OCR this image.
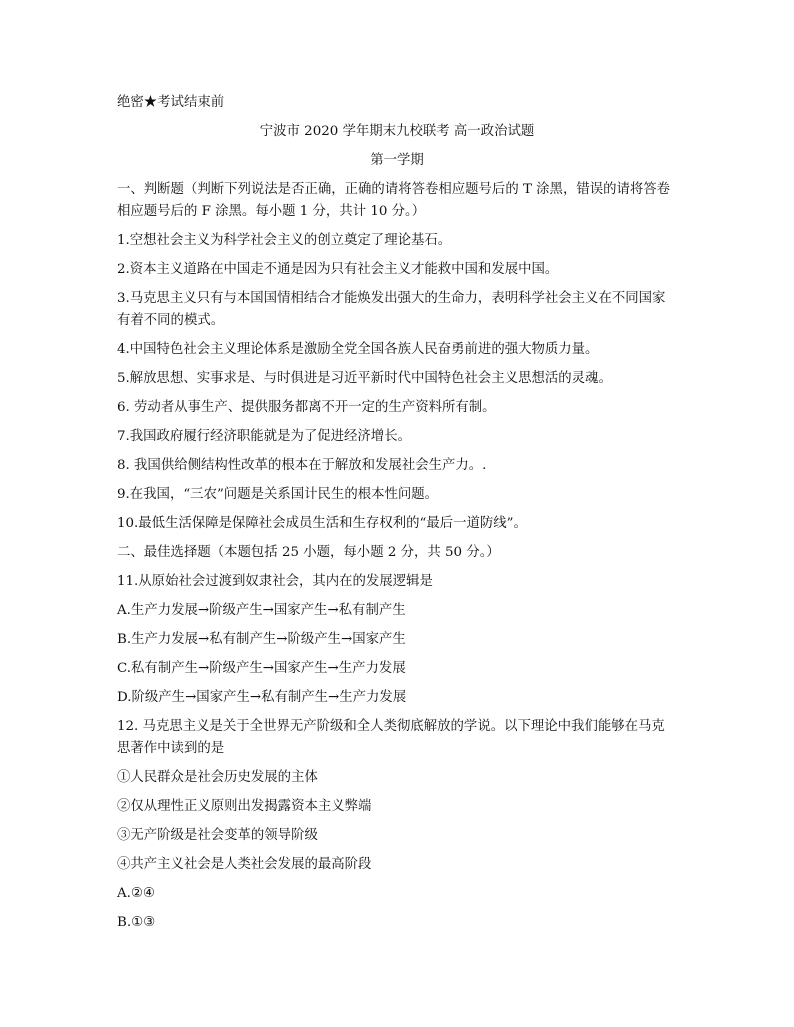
绝密★考试结束前
宁波市 2020 学年期末九校联考 高一政治试题
第一学期
一、判断题（判断下列说法是否正确，正确的请将答卷相应题号后的 T 涂黑，错误的请将答卷相应题号后的 F 涂黑。每小题 1 分，共计 10 分。）
1.空想社会主义为科学社会主义的创立奠定了理论基石。
2.资本主义道路在中国走不通是因为只有社会主义才能救中国和发展中国。
3.马克思主义只有与本国国情相结合才能焕发出强大的生命力，表明科学社会主义在不同国家有着不同的模式。
4.中国特色社会主义理论体系是激励全党全国各族人民奋勇前进的强大物质力量。
5.解放思想、实事求是、与时俱进是习近平新时代中国特色社会主义思想活的灵魂。
6. 劳动者从事生产、提供服务都离不开一定的生产资料所有制。
7.我国政府履行经济职能就是为了促进经济增长。
8. 我国供给侧结构性改革的根本在于解放和发展社会生产力。.
9.在我国，“三农”问题是关系国计民生的根本性问题。
10.最低生活保障是保障社会成员生活和生存权利的“最后一道防线”。
二、最佳选择题（本题包括 25 小题，每小题 2 分，共 50 分。）
11.从原始社会过渡到奴隶社会，其内在的发展逻辑是
A.生产力发展→阶级产生→国家产生→私有制产生
B.生产力发展→私有制产生→阶级产生→国家产生
C.私有制产生→阶级产生→国家产生→生产力发展
D.阶级产生→国家产生→私有制产生→生产力发展
12. 马克思主义是关于全世界无产阶级和全人类彻底解放的学说。以下理论中我们能够在马克思著作中读到的是
①人民群众是社会历史发展的主体
②仅从理性正义原则出发揭露资本主义弊端
③无产阶级是社会变革的领导阶级
④共产主义社会是人类社会发展的最高阶段
A.②④
B.①③
